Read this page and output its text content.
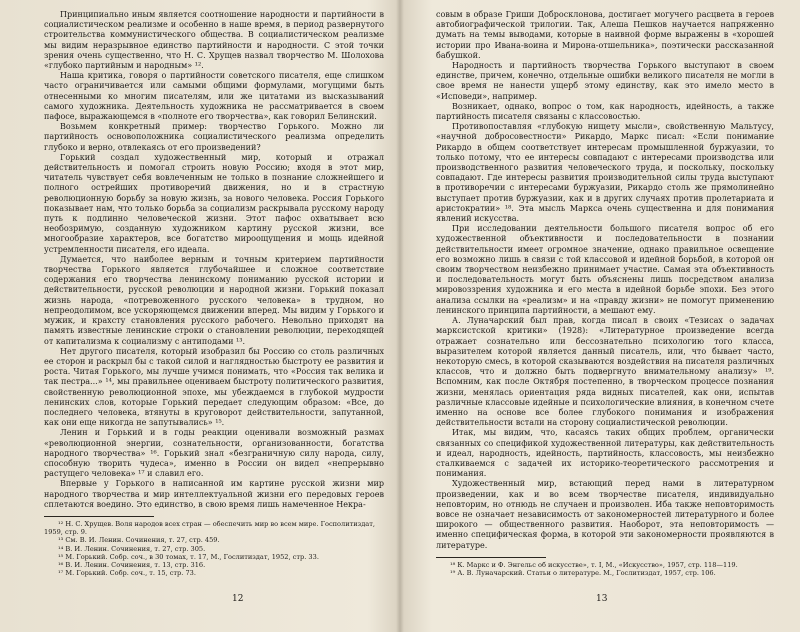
Принципиально иным является соотношение народности и партийности в социалистическом реализме и особенно в наше время, в период развернутого строительства коммунистического общества. В социалистическом реализме мы видим неразрывное единство партийности и народности. С этой точки зрения очень существенно, что Н. С. Хрущев назвал творчество М. Шолохова «глубоко партийным и народным» ¹².

Наша критика, говоря о партийности советского писателя, еще слишком часто ограничивается или самыми общими формулами, могущими быть отнесенными ко многим писателям, или же цитатами из высказываний самого художника. Деятельность художника не рассматривается в своем пафосе, выражающемся в «полноте его творчества», как говорил Белинский.

Возьмем конкретный пример: творчество Горького. Можно ли партийность основоположника социалистического реализма определить глубоко и верно, отвлекаясь от его произведений?

Горький создал художественный мир, который и отражал действительность и помогал строить новую Россию; входя в этот мир, читатель чувствует себя вовлеченным не только в познание сложнейшего и полного острейших противоречий движения, но и в страстную революционную борьбу за новую жизнь, за нового человека. Россия Горького показывает нам, что только борьба за социализм раскрывала русскому народу путь к подлинно человеческой жизни. Этот пафос охватывает всю необозримую, созданную художником картину русской жизни, все многообразие характеров, все богатство мироощущения и мощь идейной устремленности писателя, его идеала.

Думается, что наиболее верным и точным критерием партийности творчества Горького является глубочайшее и сложное соответствие содержания его творчества ленинскому пониманию русской истории и действительности, русской революции и народной жизни. Горький показал жизнь народа, «потревоженного русского человека» в трудном, но непреодолимом, все ускоряющемся движении вперед. Мы видим у Горького и мужик, и крахсту становления русского рабочего. Невольно приходят на память известные ленинские строки о становлении революции, переходящей от капитализма к социализму с антиподами ¹³.

Нет другого писателя, который изобразил бы Россию со столь различных ее сторон и раскрыл бы с такой силой и наглядностью быстроту ее развития и роста. Читая Горького, мы лучше учимся понимать, что «Россия так велика и так пестра...» ¹⁴, мы правильнее оцениваем быстроту политического развития, свойственную революционной эпохе, мы убеждаемся в глубокой мудрости ленинских слов, которые Горький передает следующим образом: «Все, до последнего человека, втянуты в круговорот действительности, запутанной, как они еще никогда не запутывались» ¹⁵.

Ленин и Горький и в годы реакции оценивали возможный размах «революционной энергии, сознательности, организованности, богатства народного творчества» ¹⁶. Горький знал «безграничную силу народа, силу, способную творить чудеса», именно в России он видел «непрерывно растущего человека» ¹⁷ и славил его.

Впервые у Горького в написанной им картине русской жизни мир народного творчества и мир интеллектуальной жизни его передовых героев сплетаются воедино. Это единство, в свою время лишь намеченное Некра-

¹² Н. С. Хрущев. Воля народов всех стран — обеспечить мир во всем мире. Госполитиздат, 1959, стр. 9.
¹³ См. В. И. Ленин. Сочинения, т. 27, стр. 459.
¹⁴ В. И. Ленин. Сочинения, т. 27, стр. 305.
¹⁵ М. Горький. Собр. соч., в 30 томах, т. 17, М., Гослитиздат, 1952, стр. 33.
¹⁶ В. И. Ленин. Сочинения, т. 13, стр. 316.
¹⁷ М. Горький. Собр. соч., т. 15, стр. 73.
12

совым в образе Гриши Добросклонова, достигает могучего расцвета в героев автобиографической трилогии. Так, Алеша Пешков научается напряженно думать на темы выводами, которые в наивной форме выражены в «хорошей истории про Ивана-воина и Мирона-отшельника», поэтически рассказанной бабушкой.

Народность и партийность творчества Горького выступают в своем единстве, причем, конечно, отдельные ошибки великого писателя не могли в свое время не нанести ущерб этому единству, как это имело место в «Исповеди», например.

Возникает, однако, вопрос о том, как народность, идейность, а также партийность писателя связаны с классовостью.

Противопоставляя «глубокую нищету мысли», свойственную Мальтусу, «научной добросовестности» Рикардо, Маркс писал: «Если понимание Рикардо в общем соответствует интересам промышленной буржуазии, то только потому, что ее интересы совпадают с интересами производства или производственного развития человеческого труда, и поскольку, поскольку совпадают. Где интересы развития производительной силы труда выступают в противоречии с интересами буржуазии, Рикардо столь же прямолинейно выступает против буржуазии, как и в других случаях против пролетариата и аристократии» ¹⁸. Эта мысль Маркса очень существенна и для понимания явлений искусства.

При исследовании деятельности большого писателя вопрос об его художественной объективности и последовательности в познании действительности имеет огромное значение, однако правильное освещение его возможно лишь в связи с той классовой и идейной борьбой, в которой он своим творчеством неизбежно принимает участие. Самая эта объективность и последовательность могут быть объяснены лишь посредством анализа мировоззрения художника и его места в идейной борьбе эпохи. Без этого анализа ссылки на «реализм» и на «правду жизни» не помогут применению ленинского принципа партийности, а мешают ему.

А. Луначарский был прав, когда писал в своих «Тезисах о задачах марксистской критики» (1928): «Литературное произведение всегда отражает сознательно или бессознательно психологию того класса, выразителем которой является данный писатель, или, что бывает часто, некоторую смесь, в которой сказываются воздействия на писателя различных классов, что и должно быть подвергнуто внимательному анализу» ¹⁹. Вспомним, как после Октября постепенно, в творческом процессе познания жизни, менялась ориентация ряда видных писателей, как они, испытав различные классовые идейные и психологические влияния, в конечном счете именно на основе все более глубокого понимания и изображения действительности встали на сторону социалистической революции.

Итак, мы видим, что, касаясь таких общих проблем, органически связанных со спецификой художественной литературы, как действительность и идеал, народность, идейность, партийность, классовость, мы неизбежно сталкиваемся с задачей их историко-теоретического рассмотрения и понимания.

Художественный мир, встающий перед нами в литературном произведении, как и во всем творчестве писателя, индивидуально неповторим, но отнюдь не случаен и произволен. Иба также неповторимость вовсе не означает независимость от закономерностей литературного и более широкого — общественного развития. Наоборот, эта неповторимость — именно специфическая форма, в которой эти закономерности проявляются в литературе.

¹⁸ К. Маркс и Ф. Энгельс об искусстве», т. I, М., «Искусство», 1957, стр. 118—119.
¹⁹ А. В. Луначарский. Статьи о литературе. М., Гослитиздат, 1957, стр. 106.
13
